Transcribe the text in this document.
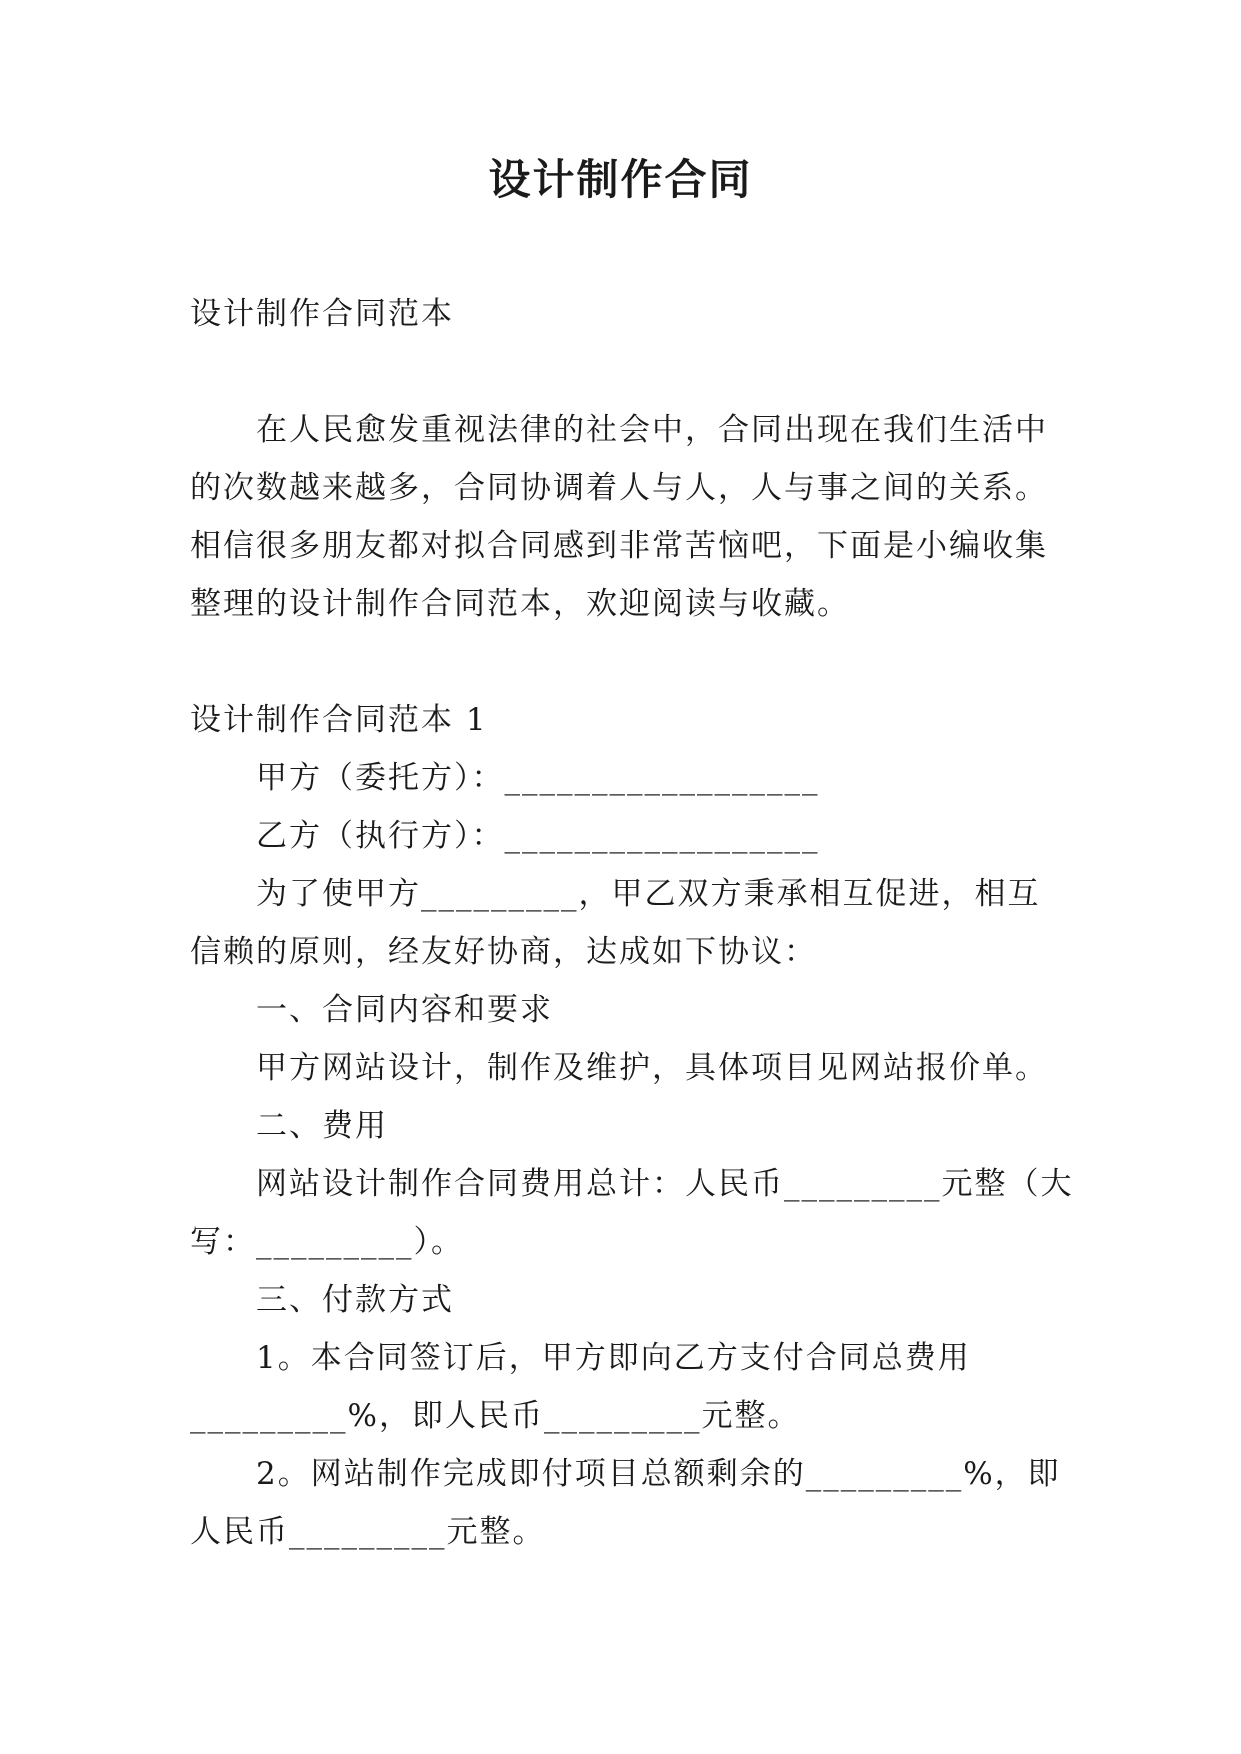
设计制作合同
设计制作合同范本
在人民愈发重视法律的社会中，合同出现在我们生活中
的次数越来越多，合同协调着人与人，人与事之间的关系。
相信很多朋友都对拟合同感到非常苦恼吧，下面是小编收集
整理的设计制作合同范本，欢迎阅读与收藏。
设计制作合同范本 1
甲方（委托方）：__________________
乙方（执行方）：__________________
为了使甲方_________，甲乙双方秉承相互促进，相互
信赖的原则，经友好协商，达成如下协议：
一、合同内容和要求
甲方网站设计，制作及维护，具体项目见网站报价单。
二、费用
网站设计制作合同费用总计：人民币_________元整（大
写：_________）。
三、付款方式
1。本合同签订后，甲方即向乙方支付合同总费用
_________%，即人民币_________元整。
2。网站制作完成即付项目总额剩余的_________%，即
人民币_________元整。
